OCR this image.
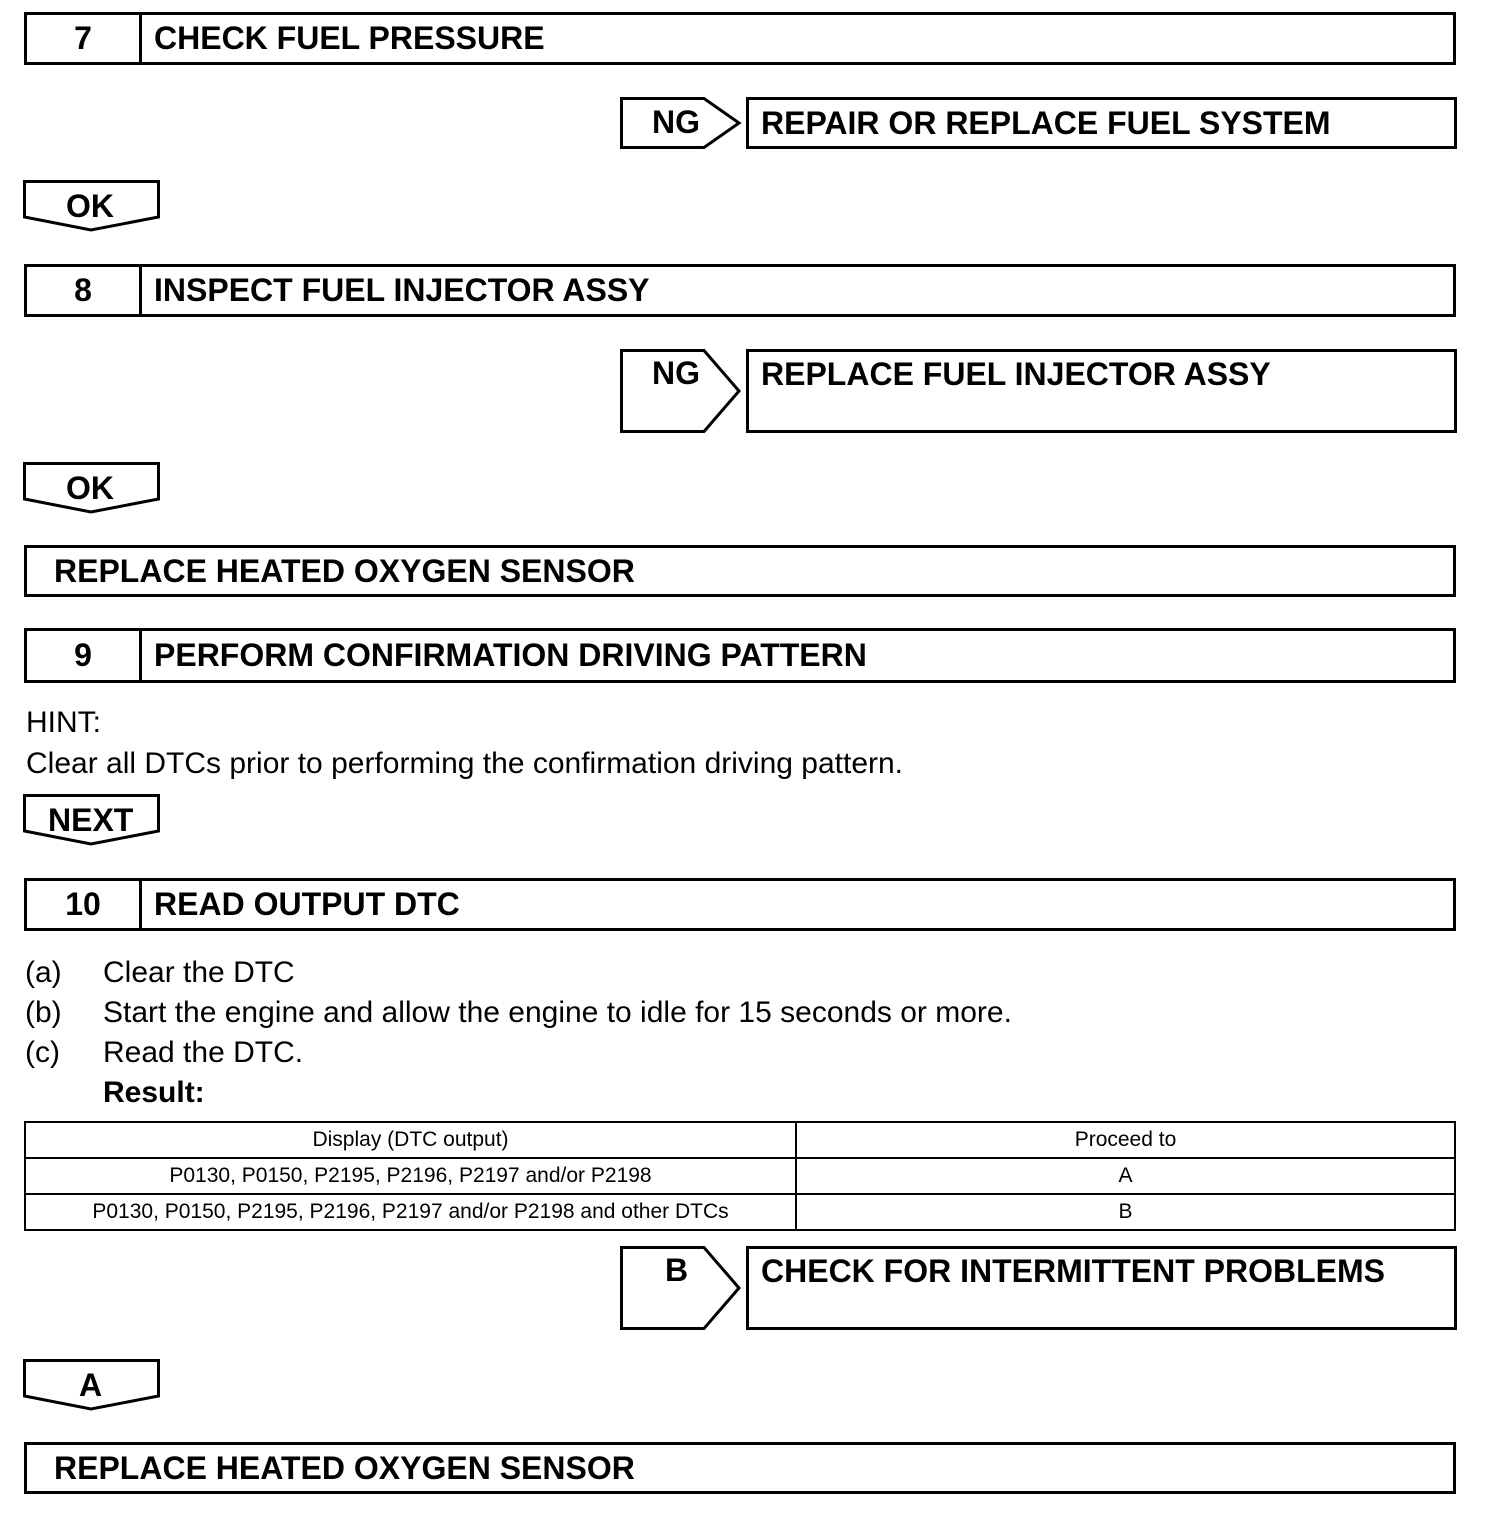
7	CHECK FUEL PRESSURE
NG	REPAIR OR REPLACE FUEL SYSTEM
OK
8	INSPECT FUEL INJECTOR ASSY
NG	REPLACE FUEL INJECTOR ASSY
OK
REPLACE HEATED OXYGEN SENSOR
9	PERFORM CONFIRMATION DRIVING PATTERN
HINT:
Clear all DTCs prior to performing the confirmation driving pattern.
NEXT
10	READ OUTPUT DTC
(a) Clear the DTC
(b) Start the engine and allow the engine to idle for 15 seconds or more.
(c) Read the DTC.
Result:
Display (DTC output)	Proceed to
P0130, P0150, P2195, P2196, P2197 and/or P2198	A
P0130, P0150, P2195, P2196, P2197 and/or P2198 and other DTCs	B
B	CHECK FOR INTERMITTENT PROBLEMS
A
REPLACE HEATED OXYGEN SENSOR
